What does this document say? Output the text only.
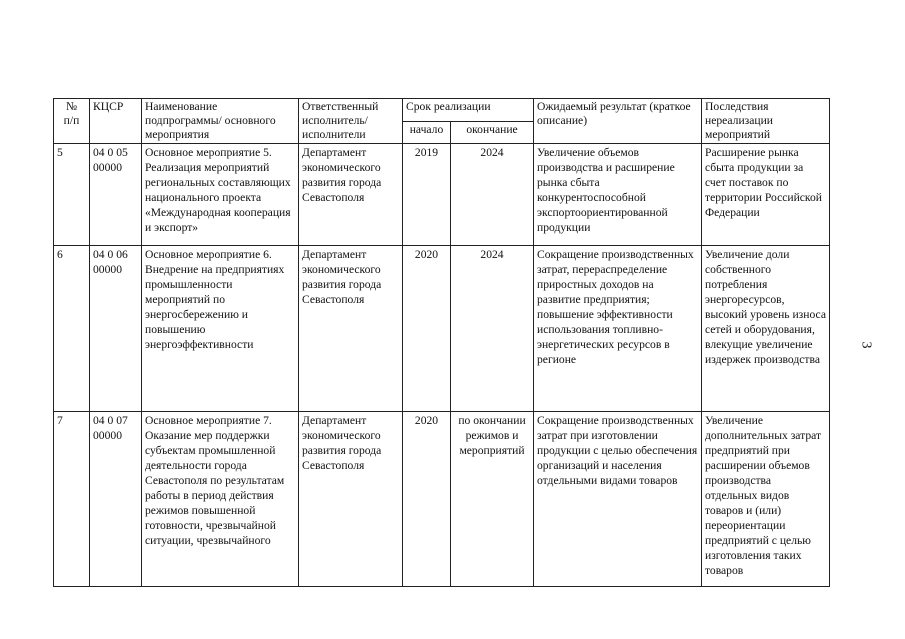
№
п/п	КЦСР	Наименование подпрограммы/ основного мероприятия	Ответственный исполнитель/ исполнители	Срок реализации		Ожидаемый результат (краткое описание)	Последствия нереализации мероприятий
				начало	окончание		
5	04 0 05 00000	Основное мероприятие 5. Реализация мероприятий региональных составляющих национального проекта «Международная кооперация и экспорт»	Департамент экономического развития города Севастополя	2019	2024	Увеличение объемов производства и расширение рынка сбыта конкурентоспособной экспортоориентированной продукции	Расширение рынка сбыта продукции за счет поставок по территории Российской Федерации
6	04 0 06 00000	Основное мероприятие 6. Внедрение на предприятиях промышленности мероприятий по энергосбережению и повышению энергоэффективности	Департамент экономического развития города Севастополя	2020	2024	Сокращение производственных затрат, перераспределение приростных доходов на развитие предприятия; повышение эффективности использования топливно-энергетических ресурсов в регионе	Увеличение доли собственного потребления энергоресурсов, высокий уровень износа сетей и оборудования, влекущие увеличение издержек производства
7	04 0 07 00000	Основное мероприятие 7. Оказание мер поддержки субъектам промышленной деятельности города Севастополя по результатам работы в период действия режимов повышенной готовности, чрезвычайной ситуации, чрезвычайного	Департамент экономического развития города Севастополя	2020	по окончании режимов и мероприятий	Сокращение производственных затрат при изготовлении продукции с целью обеспечения организаций и населения отдельными видами товаров	Увеличение дополнительных затрат предприятий при расширении объемов производства отдельных видов товаров и (или) переориентации предприятий с целью изготовления таких товаров
3
